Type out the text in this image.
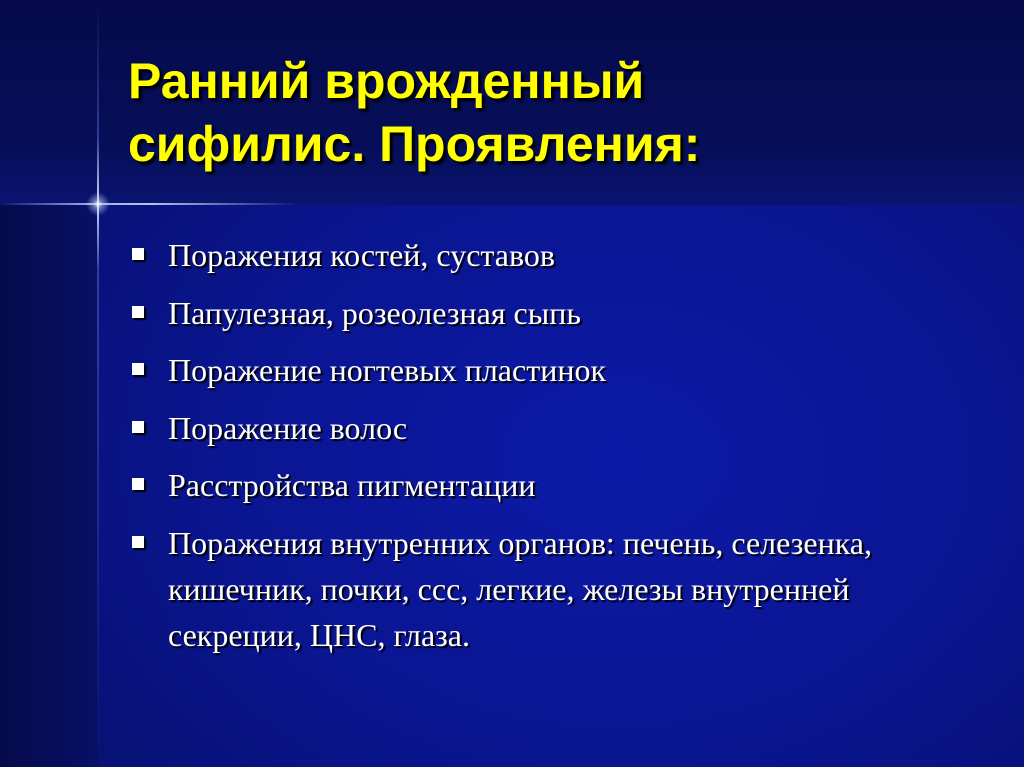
Ранний врожденный
сифилис. Проявления:
Поражения костей, суставов
Папулезная, розеолезная сыпь
Поражение ногтевых пластинок
Поражение волос
Расстройства пигментации
Поражения внутренних органов: печень, селезенка, кишечник, почки, ссс, легкие, железы внутренней секреции, ЦНС, глаза.
